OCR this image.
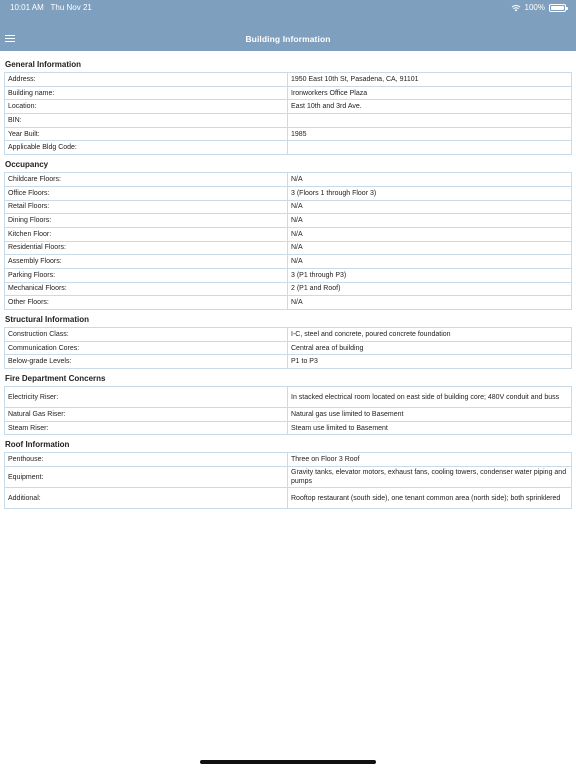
10:01 AM Thu Nov 21	100%
Building Information
General Information
Address:	1950 East 10th St, Pasadena, CA, 91101
Building name:	Ironworkers Office Plaza
Location:	East 10th and 3rd Ave.
BIN:	
Year Built:	1985
Applicable Bldg Code:	
Occupancy
Childcare Floors:	N/A
Office Floors:	3 (Floors 1 through Floor 3)
Retail Floors:	N/A
Dining Floors:	N/A
Kitchen Floor:	N/A
Residential Floors:	N/A
Assembly Floors:	N/A
Parking Floors:	3 (P1 through P3)
Mechanical Floors:	2 (P1 and Roof)
Other Floors:	N/A
Structural Information
Construction Class:	I-C, steel and concrete, poured concrete foundation
Communication Cores:	Central area of building
Below-grade Levels:	P1 to P3
Fire Department Concerns
Electricity Riser:	In stacked electrical room located on east side of building core; 480V conduit and buss
Natural Gas Riser:	Natural gas use limited to Basement
Steam Riser:	Steam use limited to Basement
Roof Information
Penthouse:	Three on Floor 3 Roof
Equipment:	Gravity tanks, elevator motors, exhaust fans, cooling towers, condenser water piping and pumps
Additional:	Rooftop restaurant (south side), one tenant common area (north side); both sprinklered
